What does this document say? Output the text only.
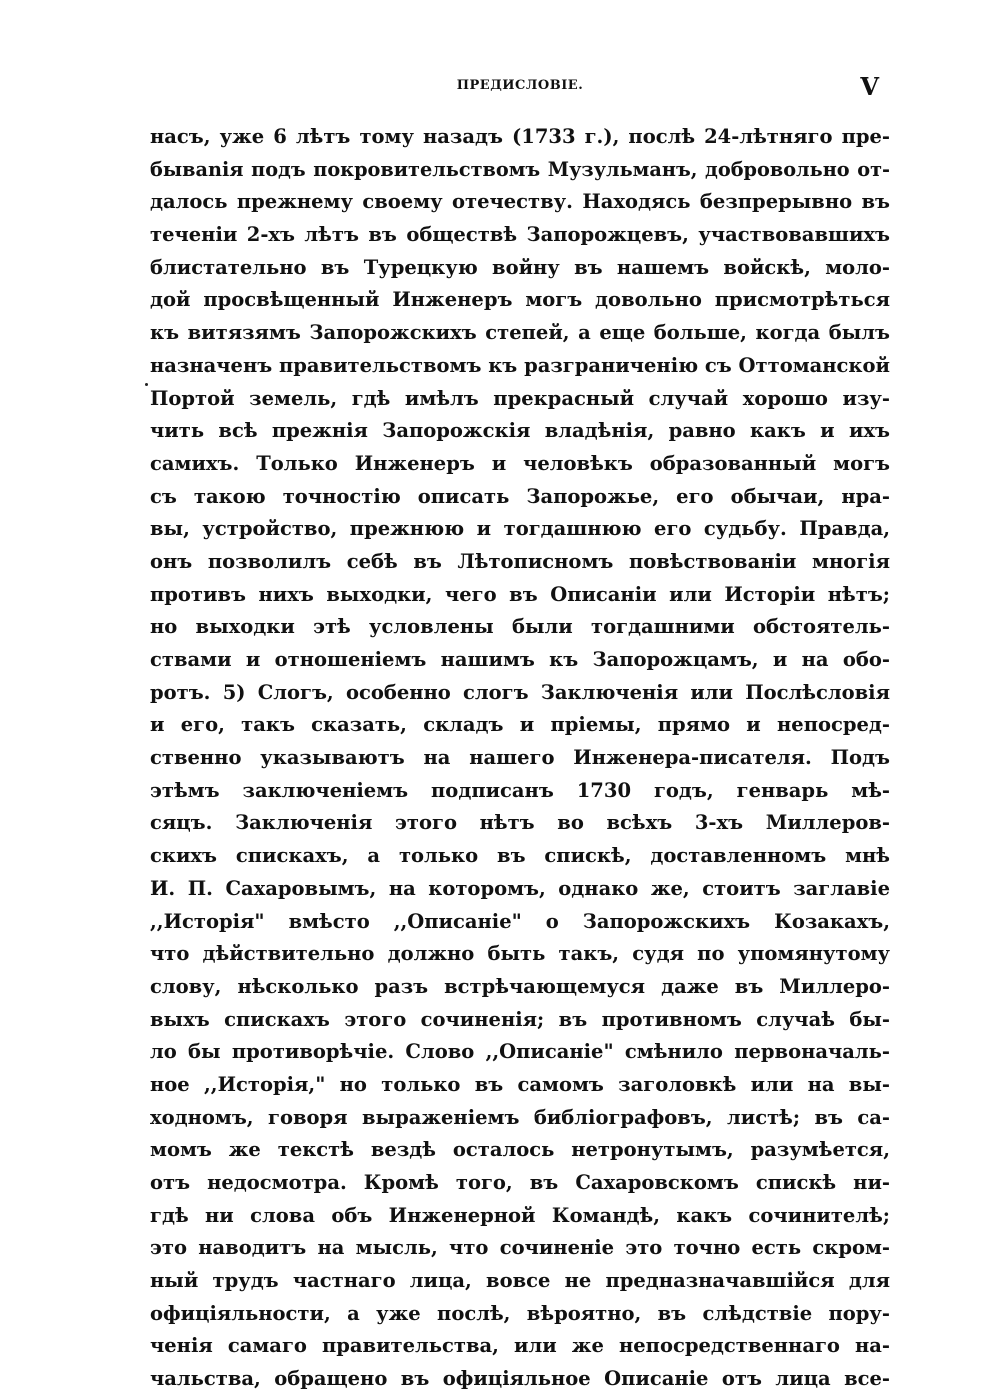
ПРЕДИСЛОВІЕ.	V
насъ, уже 6 лѣтъ тому назадъ (1733 г.), послѣ 24-лѣтняго пре-
бываnія подъ покровительствомъ Музульманъ, добровольно от-
далось прежнему своему отечеству. Находясь безпрерывно въ
теченіи 2-хъ лѣтъ въ обществѣ Запорожцевъ, участвовавшихъ
блистательно въ Турецкую войну въ нашемъ войскѣ, моло-
дой просвѣщенный Инженеръ могъ довольно присмотрѣться
къ витязямъ Запорожскихъ степей, а еще больше, когда былъ
назначенъ правительствомъ къ разграниченію съ Оттоманской
Портой земель, гдѣ имѣлъ прекрасный случай хорошо изу-
чить всѣ прежнія Запорожскія владѣнія, равно какъ и ихъ
самихъ. Только Инженеръ и человѣкъ образованный могъ
съ такою точностію описать Запорожье, его обычаи, нра-
вы, устройство, прежнюю и тогдашнюю его судьбу. Правда,
онъ позволилъ себѣ въ Лѣтописномъ повѣствованіи многія
противъ нихъ выходки, чего въ Описаніи или Исторіи нѣтъ;
но выходки этѣ условлены были тогдашними обстоятель-
ствами и отношеніемъ нашимъ къ Запорожцамъ, и на обо-
ротъ. 5) Слогъ, особенно слогъ Заключенія или Послѣсловія
и его, такъ сказать, складъ и пріемы, прямо и непосред-
ственно указываютъ на нашего Инженера-писателя. Подъ
этѣмъ заключеніемъ подписанъ 1730 годъ, генварь мѣ-
сяцъ. Заключенія этого нѣтъ во всѣхъ 3-хъ Миллеров-
скихъ спискахъ, а только въ спискѣ, доставленномъ мнѣ
И. П. Сахаровымъ, на которомъ, однако же, стоитъ заглавіе
,,Исторія" вмѣсто ,,Описаніе" о Запорожскихъ Козакахъ,
что дѣйствительно должно быть такъ, судя по упомянутому
слову, нѣсколько разъ встрѣчающемуся даже въ Миллеро-
выхъ спискахъ этого сочиненія; въ противномъ случаѣ бы-
ло бы противорѣчіе. Слово ,,Описаніе" смѣнило первоначаль-
ное ,,Исторія," но только въ самомъ заголовкѣ или на вы-
ходномъ, говоря выраженіемъ библіографовъ, листѣ; въ са-
момъ же текстѣ вездѣ осталось нетронутымъ, разумѣется,
отъ недосмотра. Кромѣ того, въ Сахаровскомъ спискѣ ни-
гдѣ ни слова объ Инженерной Командѣ, какъ сочинителѣ;
это наводитъ на мысль, что сочиненіе это точно есть скром-
ный трудъ частнаго лица, вовсе не предназначавшійся для
офиціяльности, а уже послѣ, вѣроятно, въ слѣдствіе пору-
ченія самаго правительства, или же непосредственнаго на-
чальства, обращено въ офиціяльное Описаніе отъ лица все-
